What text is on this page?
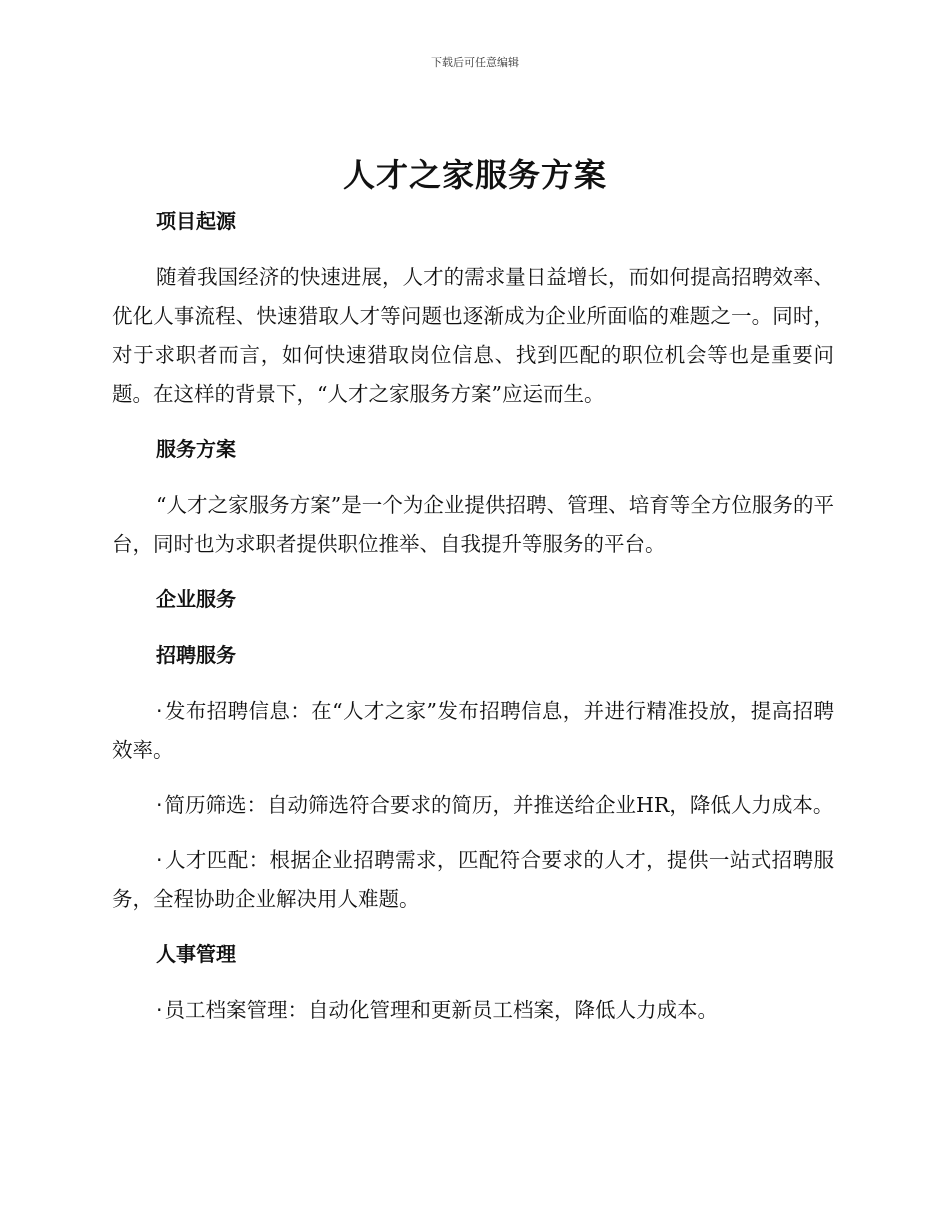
下载后可任意编辑
人才之家服务方案

项目起源

随着我国经济的快速进展，人才的需求量日益增长，而如何提高招聘效率、优化人事流程、快速猎取人才等问题也逐渐成为企业所面临的难题之一。同时，对于求职者而言，如何快速猎取岗位信息、找到匹配的职位机会等也是重要问题。在这样的背景下，“人才之家服务方案”应运而生。

服务方案

“人才之家服务方案”是一个为企业提供招聘、管理、培育等全方位服务的平台，同时也为求职者提供职位推举、自我提升等服务的平台。

企业服务

招聘服务

·发布招聘信息：在“人才之家”发布招聘信息，并进行精准投放，提高招聘效率。

·简历筛选：自动筛选符合要求的简历，并推送给企业HR，降低人力成本。

·人才匹配：根据企业招聘需求，匹配符合要求的人才，提供一站式招聘服务，全程协助企业解决用人难题。

人事管理

·员工档案管理：自动化管理和更新员工档案，降低人力成本。
